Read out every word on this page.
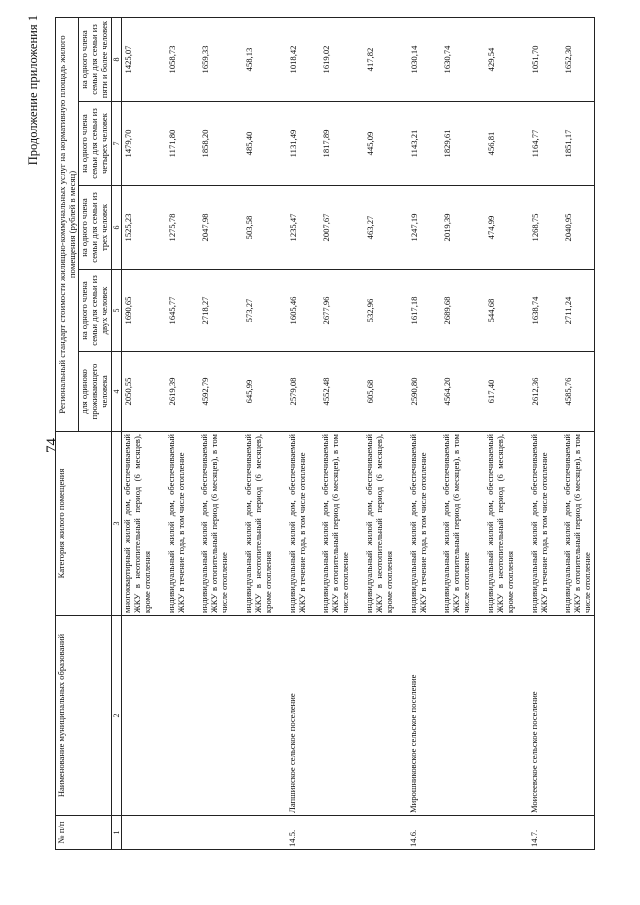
74
Продолжение приложения 1
№ п/п	Наименование муниципальных образований	Категория жилого помещения	Региональный стандарт стоимости жилищно-коммунальных услуг на нормативную площадь жилого помещения (рублей в месяц)				
			для одиноко проживающего человека	на одного члена семьи для семьи из двух человек	на одного члена семьи для семьи из трех человек	на одного члена семьи для семьи из четырех человек	на одного члена семьи для семьи из пяти и более человек
1	2	3	4	5	6	7	8
		многоквартирный жилой дом, обеспечиваемый ЖКУ в неотопительный период (6 месяцев), кроме отопления	2050,55	1690,65	1525,23	1479,70	1425,07

		индивидуальный жилой дом, обеспечиваемый ЖКУ в течение года, в том числе отопление	2619,39	1645,77	1275,78	1171,80	1058,73

		индивидуальный жилой дом, обеспечиваемый ЖКУ в отопительный период (6 месяцев), в том числе отопление	4592,79	2718,27	2047,98	1858,20	1659,33

		индивидуальный жилой дом, обеспечиваемый ЖКУ в неотопительный период (6 месяцев), кроме отопления	645,99	573,27	503,58	485,40	458,13

14.5.	Лапшинское сельское поселение	индивидуальный жилой дом, обеспечиваемый ЖКУ в течение года, в том числе отопление	2579,08	1605,46	1235,47	1131,49	1018,42

		индивидуальный жилой дом, обеспечиваемый ЖКУ в отопительный период (6 месяцев), в том числе отопление	4552,48	2677,96	2007,67	1817,89	1619,02

		индивидуальный жилой дом, обеспечиваемый ЖКУ в неотопительный период (6 месяцев), кроме отопления	605,68	532,96	463,27	445,09	417,82

14.6.	Мирошниковское сельское поселение	индивидуальный жилой дом, обеспечиваемый ЖКУ в течение года, в том числе отопление	2590,80	1617,18	1247,19	1143,21	1030,14

		индивидуальный жилой дом, обеспечиваемый ЖКУ в отопительный период (6 месяцев), в том числе отопление	4564,20	2689,68	2019,39	1829,61	1630,74

		индивидуальный жилой дом, обеспечиваемый ЖКУ в неотопительный период (6 месяцев), кроме отопления	617,40	544,68	474,99	456,81	429,54

14.7.	Моисеевское сельское поселение	индивидуальный жилой дом, обеспечиваемый ЖКУ в течение года, в том числе отопление	2612,36	1638,74	1268,75	1164,77	1051,70

		индивидуальный жилой дом, обеспечиваемый ЖКУ в отопительный период (6 месяцев), в том числе отопление	4585,76	2711,24	2040,95	1851,17	1652,30
